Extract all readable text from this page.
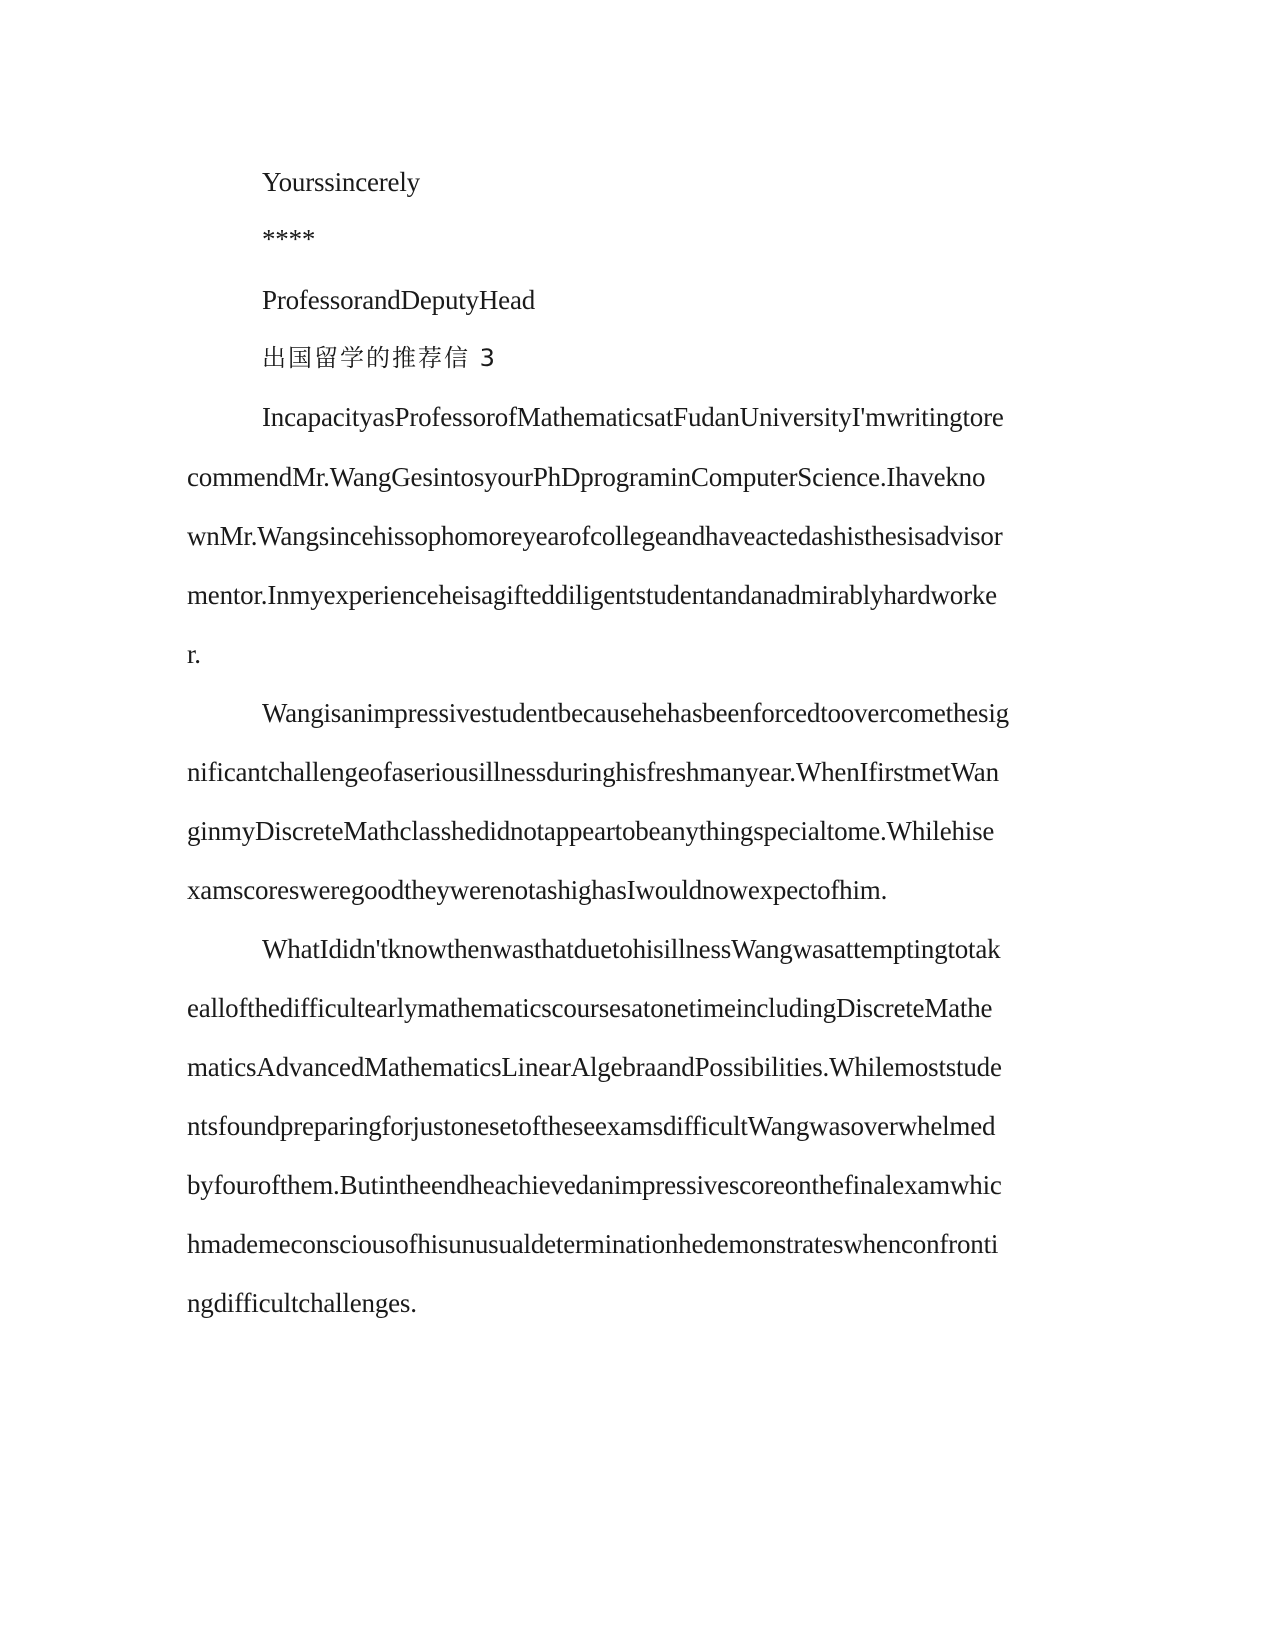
Yourssincerely
****
ProfessorandDeputyHead
出国留学的推荐信 3
IncapacityasProfessorofMathematicsatFudanUniversityI'mwritingtore
commendMr.WangGesintosyourPhDprograminComputerScience.Ihavekno
wnMr.Wangsincehissophomoreyearofcollegeandhaveactedashisthesisadvisor
mentor.Inmyexperienceheisagifteddiligentstudentandanadmirablyhardworke
r.
Wangisanimpressivestudentbecausehehasbeenforcedtoovercomethesig
nificantchallengeofaseriousillnessduringhisfreshmanyear.WhenIfirstmetWan
ginmyDiscreteMathclasshedidnotappeartobeanythingspecialtome.Whilehise
xamscoresweregoodtheywerenotashighasIwouldnowexpectofhim.
WhatIdidn'tknowthenwasthatduetohisillnessWangwasattemptingtotak
eallofthedifficultearlymathematicscoursesatonetimeincludingDiscreteMathe
maticsAdvancedMathematicsLinearAlgebraandPossibilities.Whilemoststude
ntsfoundpreparingforjustonesetoftheseexamsdifficultWangwasoverwhelmed
byfourofthem.Butintheendheachievedanimpressivescoreonthefinalexamwhic
hmademeconsciousofhisunusualdeterminationhedemonstrateswhenconfronti
ngdifficultchallenges.
